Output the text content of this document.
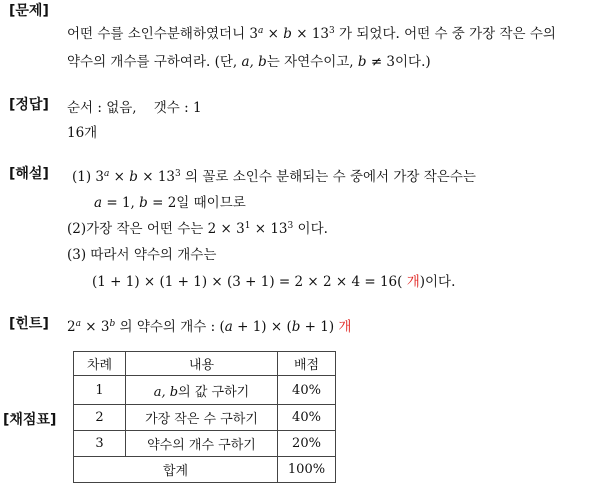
[문제]
어떤 수를 소인수분해하였더니 $3^a \times b \times 13^3$ 가 되었다. 어떤 수 중 가장 작은 수의
약수의 개수를 구하여라. (단, a, b는 자연수이고, b ≠ 3이다.)
[정답] 순서 : 없음,    갯수 : 1
16개
[해설] (1) $3^a \times b \times 13^3$ 의 꼴로 소인수 분해되는 수 중에서 가장 작은수는
a = 1, b = 2일 때이므로
(2)가장 작은 어떤 수는 $2 \times 3^1 \times 13^3$ 이다.
(3) 따라서 약수의 개수는
(1 + 1) × (1 + 1) × (3 + 1) = 2 × 2 × 4 = 16( 개)이다.
[힌트] $2^a \times 3^b$ 의 약수의 개수 : (a + 1) × (b + 1) 개
[채점표]
차례	내용	배점
1	a, b의 값 구하기	40%
2	가장 작은 수 구하기	40%
3	약수의 개수 구하기	20%
합계		100%
